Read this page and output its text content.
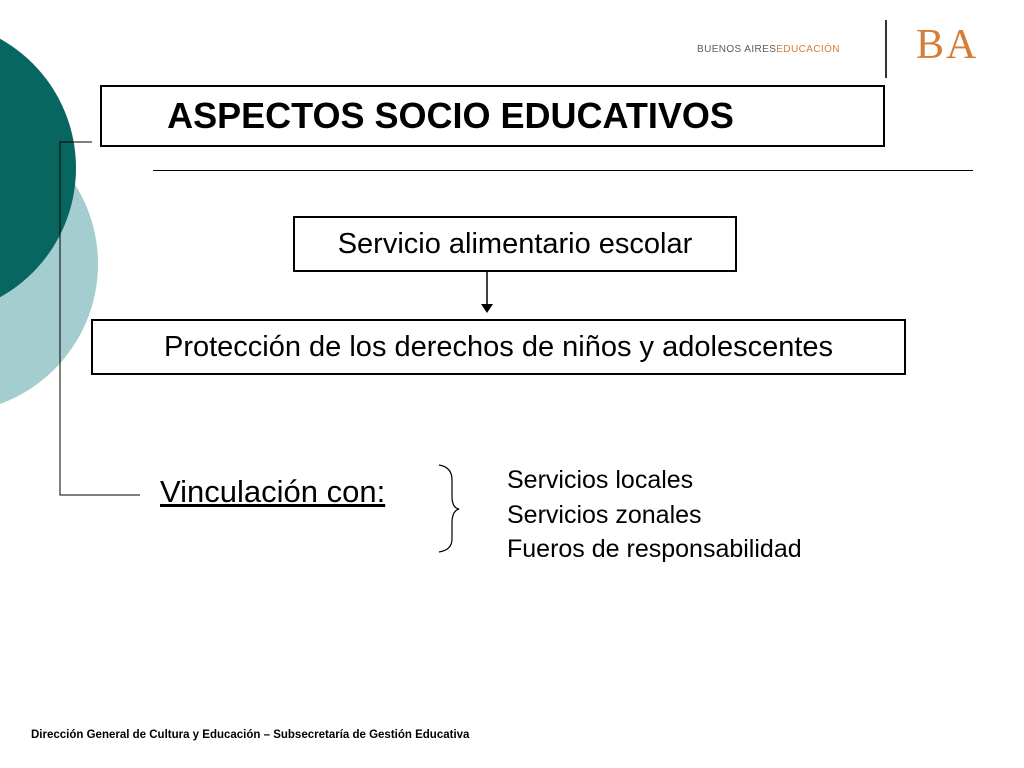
BUENOS AIRESEDUCACIÓN BA
ASPECTOS SOCIO EDUCATIVOS
Servicio alimentario escolar
Protección de los derechos de niños y adolescentes
Vinculación con:	Servicios locales
Servicios zonales
Fueros de responsabilidad
Dirección General de Cultura y Educación – Subsecretaría de Gestión Educativa
